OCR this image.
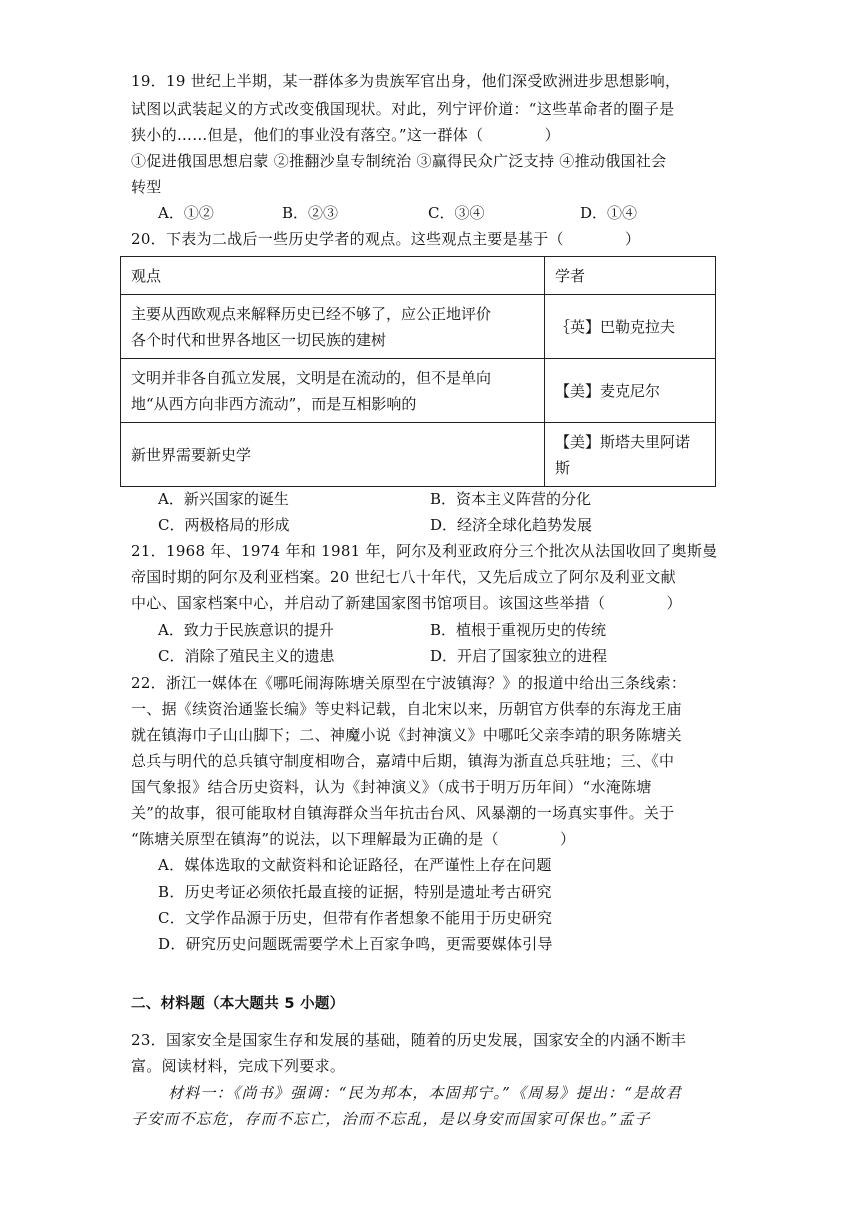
19．19 世纪上半期，某一群体多为贵族军官出身，他们深受欧洲进步思想影响，
试图以武装起义的方式改变俄国现状。对此，列宁评价道：“这些革命者的圈子是
狭小的……但是，他们的事业没有落空。”这一群体（　　　　）
①促进俄国思想启蒙 ②推翻沙皇专制统治 ③赢得民众广泛支持 ④推动俄国社会
转型
A．①②	B．②③	C．③④	D．①④
20．下表为二战后一些历史学者的观点。这些观点主要是基于（　　　　）
观点	学者

主要从西欧观点来解释历史已经不够了，应公正地评价
各个时代和世界各地区一切民族的建树	｛英】巴勒克拉夫

文明并非各自孤立发展，文明是在流动的，但不是单向
地“从西方向非西方流动”，而是互相影响的	【美】麦克尼尔
新世界需要新史学	【美】斯塔夫里阿诺
斯
A．新兴国家的诞生	B．资本主义阵营的分化
C．两极格局的形成	D．经济全球化趋势发展
21．1968 年、1974 年和 1981 年，阿尔及利亚政府分三个批次从法国收回了奥斯曼
帝国时期的阿尔及利亚档案。20 世纪七八十年代，又先后成立了阿尔及利亚文献
中心、国家档案中心，并启动了新建国家图书馆项目。该国这些举措（　　　　）
A．致力于民族意识的提升	B．植根于重视历史的传统
C．消除了殖民主义的遗患	D．开启了国家独立的进程
22．浙江一媒体在《哪吒闹海陈塘关原型在宁波镇海？》的报道中给出三条线索：
一、据《续资治通鉴长编》等史料记载，自北宋以来，历朝官方供奉的东海龙王庙
就在镇海巾子山山脚下；二、神魔小说《封神演义》中哪吒父亲李靖的职务陈塘关
总兵与明代的总兵镇守制度相吻合，嘉靖中后期，镇海为浙直总兵驻地；三、《中
国气象报》结合历史资料，认为《封神演义》（成书于明万历年间）“水淹陈塘
关”的故事，很可能取材自镇海群众当年抗击台风、风暴潮的一场真实事件。关于
“陈塘关原型在镇海”的说法，以下理解最为正确的是（　　　　）
A．媒体选取的文献资料和论证路径，在严谨性上存在问题
B．历史考证必须依托最直接的证据，特别是遗址考古研究
C．文学作品源于历史，但带有作者想象不能用于历史研究
D．研究历史问题既需要学术上百家争鸣，更需要媒体引导
二、材料题（本大题共 5 小题）
23．国家安全是国家生存和发展的基础，随着的历史发展，国家安全的内涵不断丰
富。阅读材料，完成下列要求。
材料一：《尚书》强调：“民为邦本，本固邦宁。”《周易》提出：“是故君
子安而不忘危，存而不忘亡，治而不忘乱，是以身安而国家可保也。”孟子
